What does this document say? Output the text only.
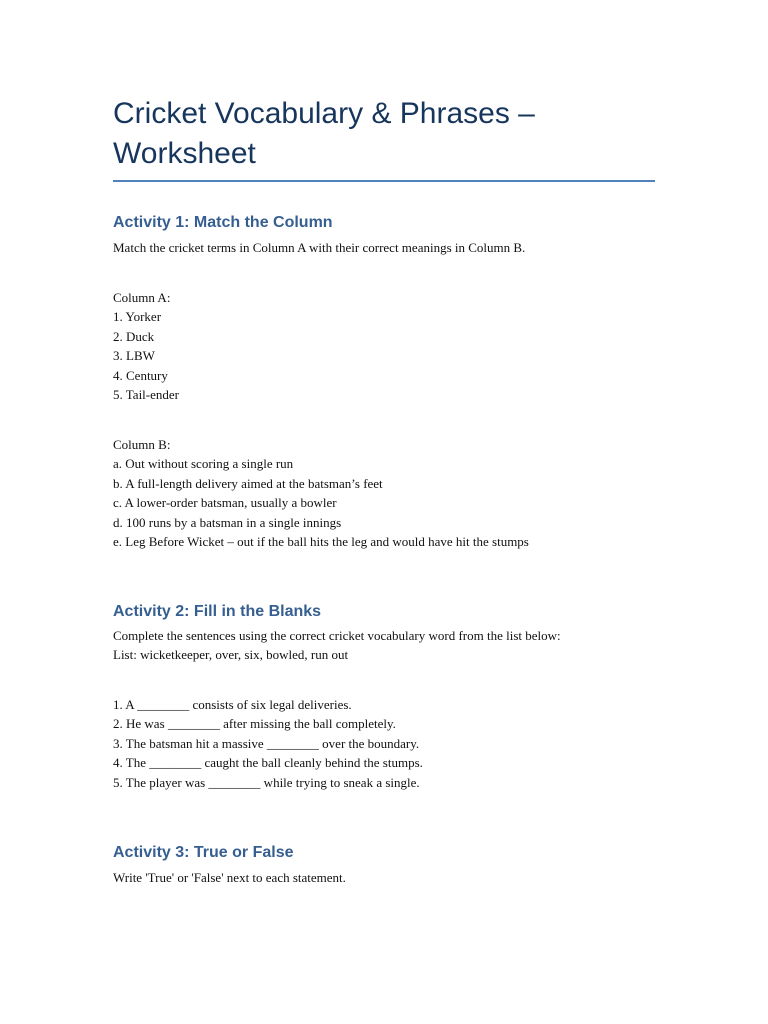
Cricket Vocabulary & Phrases – Worksheet
Activity 1: Match the Column

Match the cricket terms in Column A with their correct meanings in Column B.

Column A:
1. Yorker
2. Duck
3. LBW
4. Century
5. Tail-ender
Column B:
a. Out without scoring a single run
b. A full-length delivery aimed at the batsman’s feet
c. A lower-order batsman, usually a bowler
d. 100 runs by a batsman in a single innings
e. Leg Before Wicket – out if the ball hits the leg and would have hit the stumps
Activity 2: Fill in the Blanks
Complete the sentences using the correct cricket vocabulary word from the list below:
List: wicketkeeper, over, six, bowled, run out
1. A ________ consists of six legal deliveries.
2. He was ________ after missing the ball completely.
3. The batsman hit a massive ________ over the boundary.
4. The ________ caught the ball cleanly behind the stumps.
5. The player was ________ while trying to sneak a single.
Activity 3: True or False

Write 'True' or 'False' next to each statement.
